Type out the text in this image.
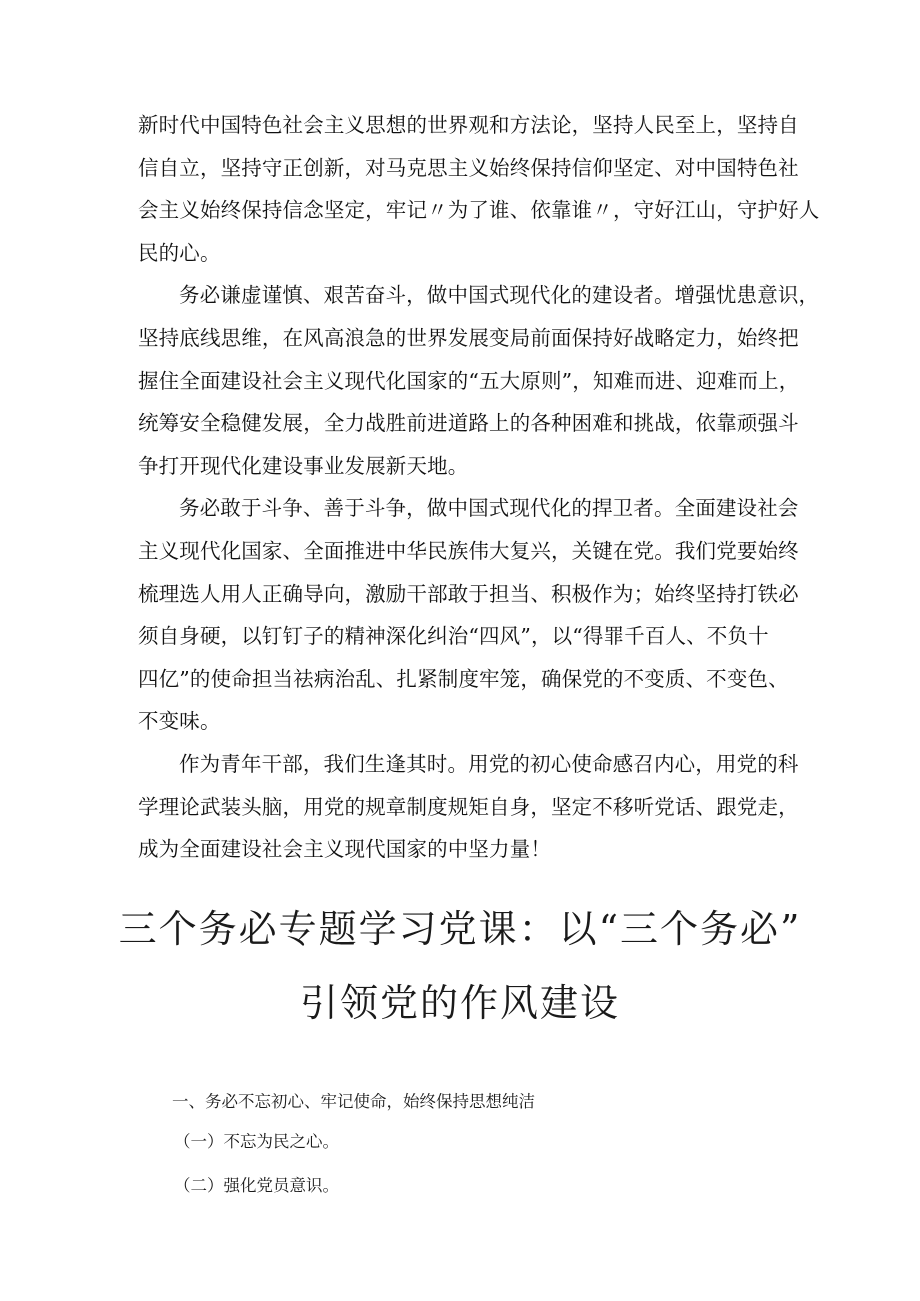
新时代中国特色社会主义思想的世界观和方法论，坚持人民至上，坚持自
信自立，坚持守正创新，对马克思主义始终保持信仰坚定、对中国特色社
会主义始终保持信念坚定，牢记〃为了谁、依靠谁〃，守好江山，守护好人
民的心。
务必谦虚谨慎、艰苦奋斗，做中国式现代化的建设者。增强忧患意识，
坚持底线思维，在风高浪急的世界发展变局前面保持好战略定力，始终把
握住全面建设社会主义现代化国家的“五大原则”，知难而进、迎难而上，
统筹安全稳健发展，全力战胜前进道路上的各种困难和挑战，依靠顽强斗
争打开现代化建设事业发展新天地。
务必敢于斗争、善于斗争，做中国式现代化的捍卫者。全面建设社会
主义现代化国家、全面推进中华民族伟大复兴，关键在党。我们党要始终
梳理选人用人正确导向，激励干部敢于担当、积极作为；始终坚持打铁必
须自身硬，以钉钉子的精神深化纠治“四风”，以“得罪千百人、不负十
四亿”的使命担当祛病治乱、扎紧制度牢笼，确保党的不变质、不变色、
不变味。
作为青年干部，我们生逢其时。用党的初心使命感召内心，用党的科
学理论武装头脑，用党的规章制度规矩自身，坚定不移听党话、跟党走，
成为全面建设社会主义现代国家的中坚力量！
三个务必专题学习党课：以“三个务必”
引领党的作风建设
一、务必不忘初心、牢记使命，始终保持思想纯洁
（一）不忘为民之心。
（二）强化党员意识。
